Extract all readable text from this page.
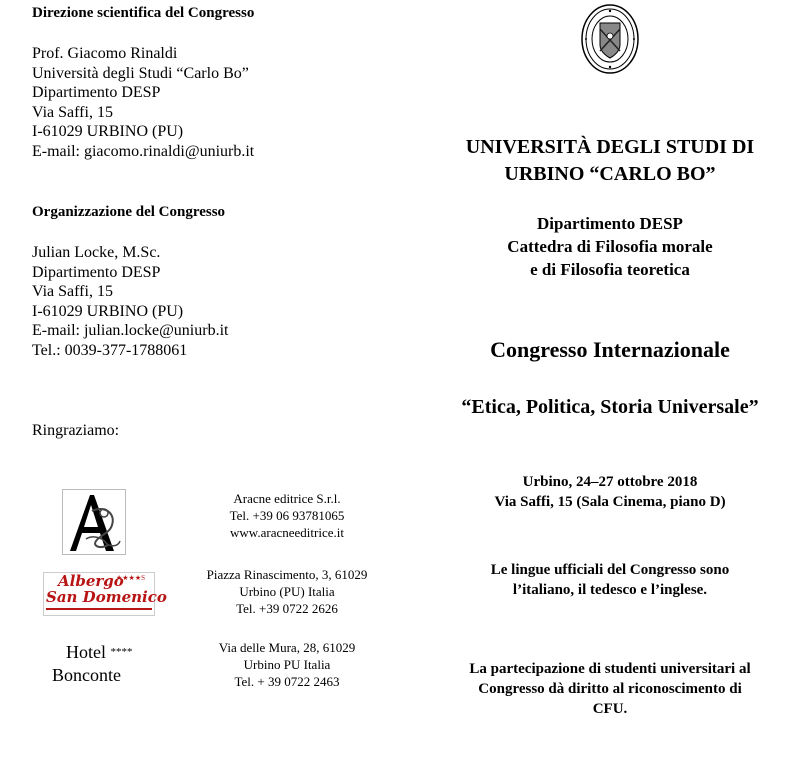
Direzione scientifica del Congresso
Prof. Giacomo Rinaldi
Università degli Studi “Carlo Bo”
Dipartimento DESP
Via Saffi, 15
I-61029 URBINO (PU)
E-mail: giacomo.rinaldi@uniurb.it
Organizzazione del Congresso
Julian Locke, M.Sc.
Dipartimento DESP
Via Saffi, 15
I-61029 URBINO (PU)
E-mail: julian.locke@uniurb.it
Tel.: 0039-377-1788061
Ringraziamo:
Aracne editrice S.r.l.
Tel. +39 06 93781065
www.aracneeditrice.it
Albergo
★★★★S
San Domenico
Piazza Rinascimento, 3, 61029
Urbino (PU) Italia
Tel. +39 0722 2626
Hotel ****
Bonconte
Via delle Mura, 28, 61029
Urbino PU Italia
Tel. + 39 0722 2463
UNIVERSITÀ DEGLI STUDI DI
URBINO “CARLO BO”
Dipartimento DESP
Cattedra di Filosofia morale
e di Filosofia teoretica
Congresso Internazionale
“Etica, Politica, Storia Universale”
Urbino, 24–27 ottobre 2018
Via Saffi, 15 (Sala Cinema, piano D)
Le lingue ufficiali del Congresso sono
l’italiano, il tedesco e l’inglese.
La partecipazione di studenti universitari al
Congresso dà diritto al riconoscimento di
CFU.
